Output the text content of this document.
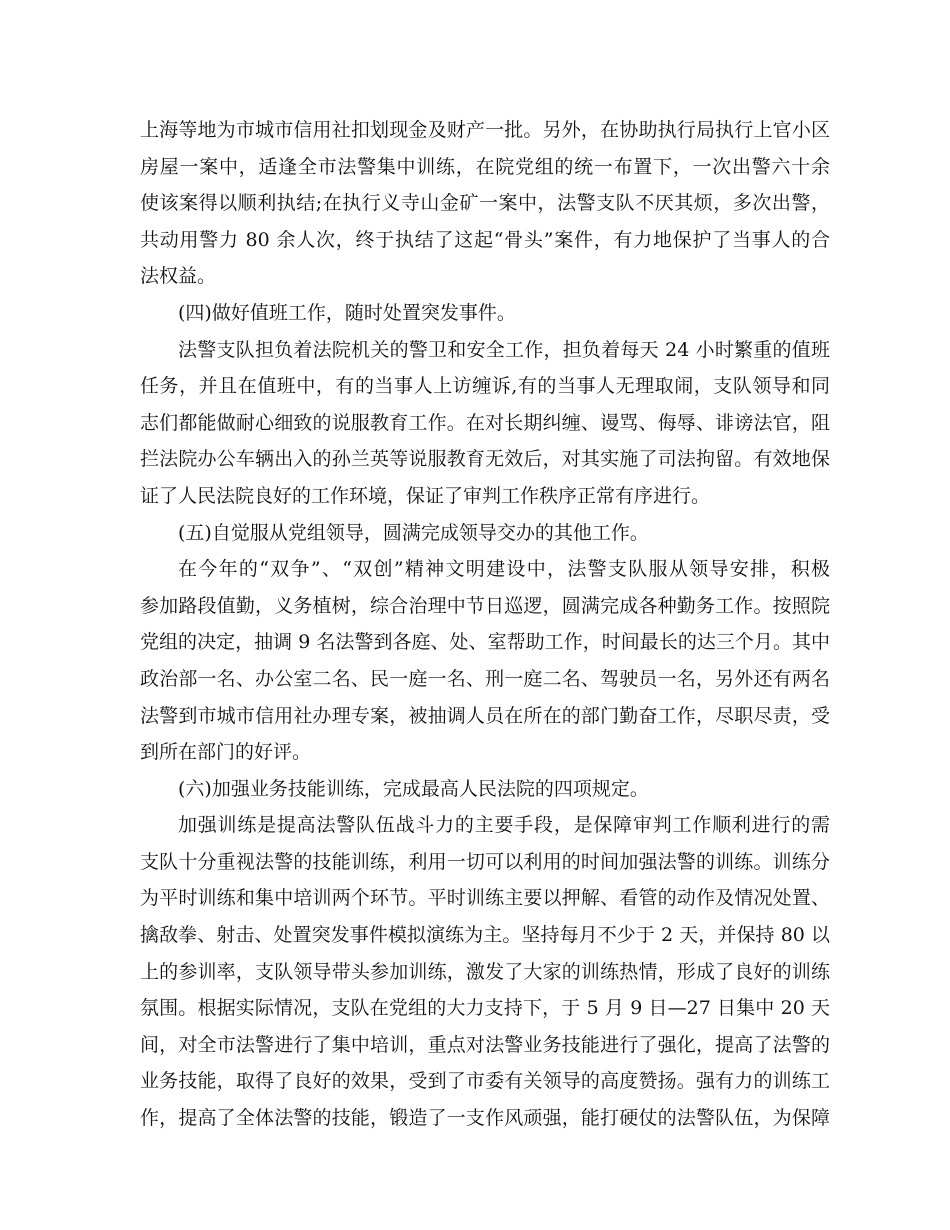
上海等地为市城市信用社扣划现金及财产一批。另外，在协助执行局执行上官小区
房屋一案中，适逢全市法警集中训练，在院党组的统一布置下，一次出警六十余
使该案得以顺利执结;在执行义寺山金矿一案中，法警支队不厌其烦，多次出警，
共动用警力 80 余人次，终于执结了这起“骨头”案件，有力地保护了当事人的合
法权益。
(四)做好值班工作，随时处置突发事件。
法警支队担负着法院机关的警卫和安全工作，担负着每天 24 小时繁重的值班
任务，并且在值班中，有的当事人上访缠诉,有的当事人无理取闹，支队领导和同
志们都能做耐心细致的说服教育工作。在对长期纠缠、谩骂、侮辱、诽谤法官，阻
拦法院办公车辆出入的孙兰英等说服教育无效后，对其实施了司法拘留。有效地保
证了人民法院良好的工作环境，保证了审判工作秩序正常有序进行。
(五)自觉服从党组领导，圆满完成领导交办的其他工作。
在今年的“双争”、“双创”精神文明建设中，法警支队服从领导安排，积极
参加路段值勤，义务植树，综合治理中节日巡逻，圆满完成各种勤务工作。按照院
党组的决定，抽调 9 名法警到各庭、处、室帮助工作，时间最长的达三个月。其中
政治部一名、办公室二名、民一庭一名、刑一庭二名、驾驶员一名，另外还有两名
法警到市城市信用社办理专案，被抽调人员在所在的部门勤奋工作，尽职尽责，受
到所在部门的好评。
(六)加强业务技能训练，完成最高人民法院的四项规定。
加强训练是提高法警队伍战斗力的主要手段，是保障审判工作顺利进行的需
支队十分重视法警的技能训练，利用一切可以利用的时间加强法警的训练。训练分
为平时训练和集中培训两个环节。平时训练主要以押解、看管的动作及情况处置、
擒敌拳、射击、处置突发事件模拟演练为主。坚持每月不少于 2 天，并保持 80 以
上的参训率，支队领导带头参加训练，激发了大家的训练热情，形成了良好的训练
氛围。根据实际情况，支队在党组的大力支持下，于 5 月 9 日—27 日集中 20 天
间，对全市法警进行了集中培训，重点对法警业务技能进行了强化，提高了法警的
业务技能，取得了良好的效果，受到了市委有关领导的高度赞扬。强有力的训练工
作，提高了全体法警的技能，锻造了一支作风顽强，能打硬仗的法警队伍，为保障
